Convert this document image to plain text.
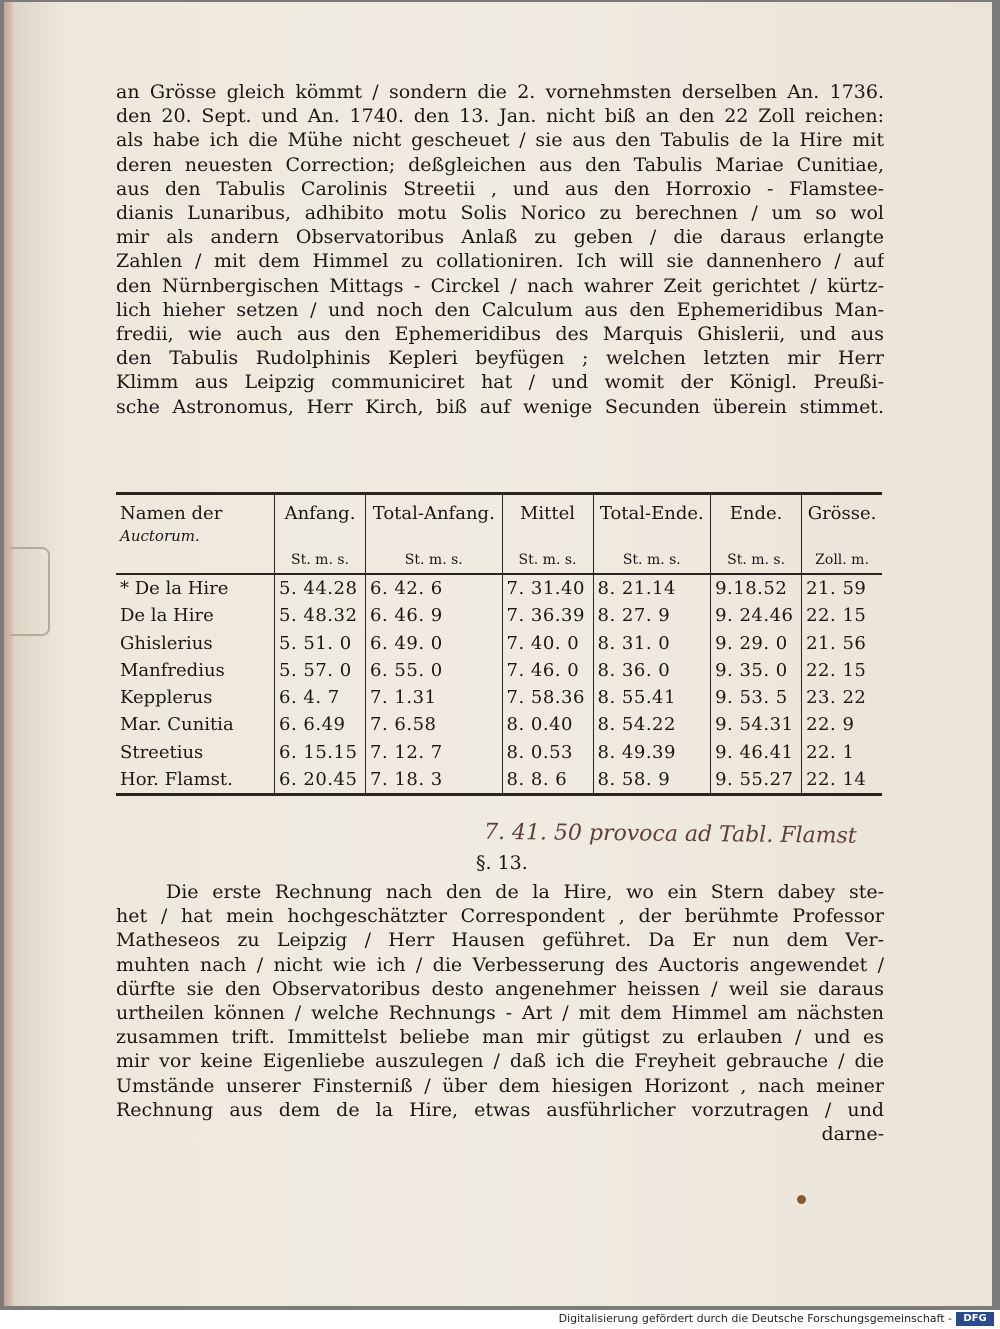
an Grösse gleich kömmt / sondern die 2. vornehmsten derselben An. 1736.
den 20. Sept. und An. 1740. den 13. Jan. nicht biß an den 22 Zoll reichen:
als habe ich die Mühe nicht gescheuet / sie aus den Tabulis de la Hire mit
deren neuesten Correction; deßgleichen aus den Tabulis Mariae Cunitiae,
aus den Tabulis Carolinis Streetii , und aus den Horroxio - Flamstee-
dianis Lunaribus, adhibito motu Solis Norico zu berechnen / um so wol
mir als andern Observatoribus Anlaß zu geben / die daraus erlangte
Zahlen / mit dem Himmel zu collationiren. Ich will sie dannenhero / auf
den Nürnbergischen Mittags - Circkel / nach wahrer Zeit gerichtet / kürtz-
lich hieher setzen / und noch den Calculum aus den Ephemeridibus Man-
fredii, wie auch aus den Ephemeridibus des Marquis Ghislerii, und aus
den Tabulis Rudolphinis Kepleri beyfügen ; welchen letzten mir Herr
Klimm aus Leipzig communiciret hat / und womit der Königl. Preußi-
sche Astronomus, Herr Kirch, biß auf wenige Secunden überein stimmet.
Namen der
Auctorum.	Anfang.	Total-Anfang.	Mittel	Total-Ende.	Ende.	Grösse.
	St. m. s.	St. m. s.	St. m. s.	St. m. s.	St. m. s.	Zoll. m.
* De la Hire	5. 44.28	6. 42. 6	7. 31.40	8. 21.14	9.18.52	21. 59
De la Hire	5. 48.32	6. 46. 9	7. 36.39	8. 27. 9	9. 24.46	22. 15
Ghislerius	5. 51. 0	6. 49. 0	7. 40. 0	8. 31. 0	9. 29. 0	21. 56
Manfredius	5. 57. 0	6. 55. 0	7. 46. 0	8. 36. 0	9. 35. 0	22. 15
Kepplerus	6. 4. 7	7. 1.31	7. 58.36	8. 55.41	9. 53. 5	23. 22
Mar. Cunitia	6. 6.49	7. 6.58	8. 0.40	8. 54.22	9. 54.31	22. 9
Streetius	6. 15.15	7. 12. 7	8. 0.53	8. 49.39	9. 46.41	22. 1
Hor. Flamst.	6. 20.45	7. 18. 3	8. 8. 6	8. 58. 9	9. 55.27	22. 14
7. 41. 50 provoca ad Tabl. Flamst
§. 13.
Die erste Rechnung nach den de la Hire, wo ein Stern dabey ste-
het / hat mein hochgeschätzter Correspondent , der berühmte Professor
Matheseos zu Leipzig / Herr Hausen geführet. Da Er nun dem Ver-
muhten nach / nicht wie ich / die Verbesserung des Auctoris angewendet /
dürfte sie den Observatoribus desto angenehmer heissen / weil sie daraus
urtheilen können / welche Rechnungs - Art / mit dem Himmel am nächsten
zusammen trift. Immittelst beliebe man mir gütigst zu erlauben / und es
mir vor keine Eigenliebe auszulegen / daß ich die Freyheit gebrauche / die
Umstände unserer Finsterniß / über dem hiesigen Horizont , nach meiner
Rechnung aus dem de la Hire, etwas ausführlicher vorzutragen / und
darne-
Digitalisierung gefördert durch die Deutsche Forschungsgemeinschaft -	DFG
